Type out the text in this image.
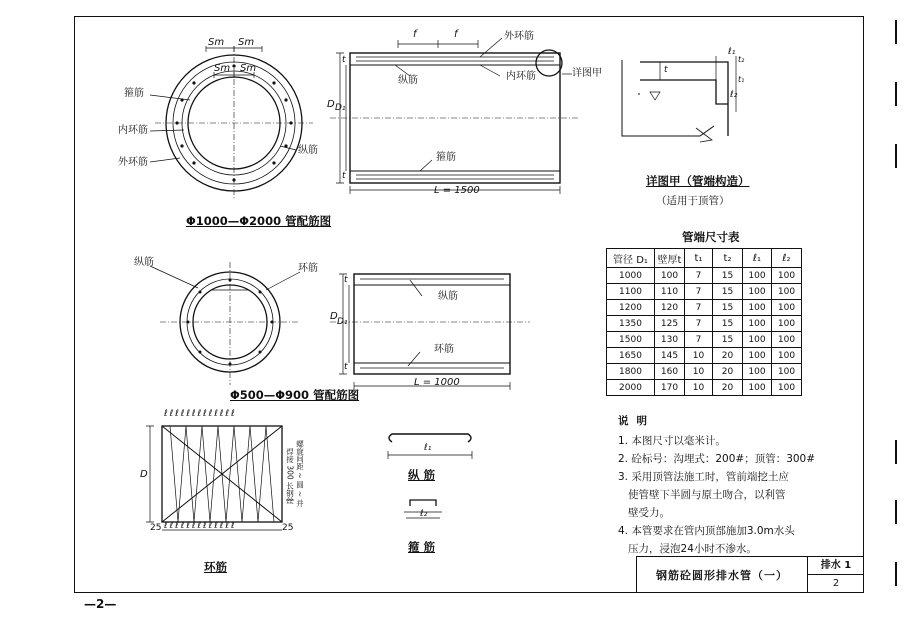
Sm Sm
Sm Sm
箍筋
内环筋
外环筋
纵筋
Φ1000—Φ2000 管配筋图
f	f	外环筋
内环筋
纵筋
箍筋
详图甲
D D₁
t
t
L = 1500
ℓ₁
t₂
t₁
ℓ₂
t
详图甲（管端构造）
（适用于顶管）
纵筋
环筋
Φ500—Φ900 管配筋图
纵筋
环筋
D D₁
t
t
L = 1000
ℓ ℓ ℓ ℓ ℓ ℓ ℓ ℓ ℓ ℓ ℓ ℓ ℓ
ℓ ℓ ℓ ℓ ℓ ℓ ℓ ℓ ℓ ℓ ℓ ℓ ℓ
D
25	25
螺旋间距 ~ 圆 ~ 并
焊接 300 长钢丝
环筋
ℓ₁
纵 筋
ℓ₂
箍 筋
管端尺寸表
管径 D₁	壁厚t	t₁	t₂	ℓ₁	ℓ₂
1000	100	7	15	100	100
1100	110	7	15	100	100
1200	120	7	15	100	100
1350	125	7	15	100	100
1500	130	7	15	100	100
1650	145	10	20	100	100
1800	160	10	20	100	100
2000	170	10	20	100	100
说明
1. 本图尺寸以毫米计。
2. 砼标号：沟埋式：200#；顶管：300#
3. 采用顶管法施工时，管前端挖土应
使管壁下半圆与原土吻合，以利管
壁受力。
4. 本管要求在管内顶部施加3.0m水头
压力，浸泡24小时不渗水。
钢筋砼圆形排水管（一）
排水 1
2
—2—
